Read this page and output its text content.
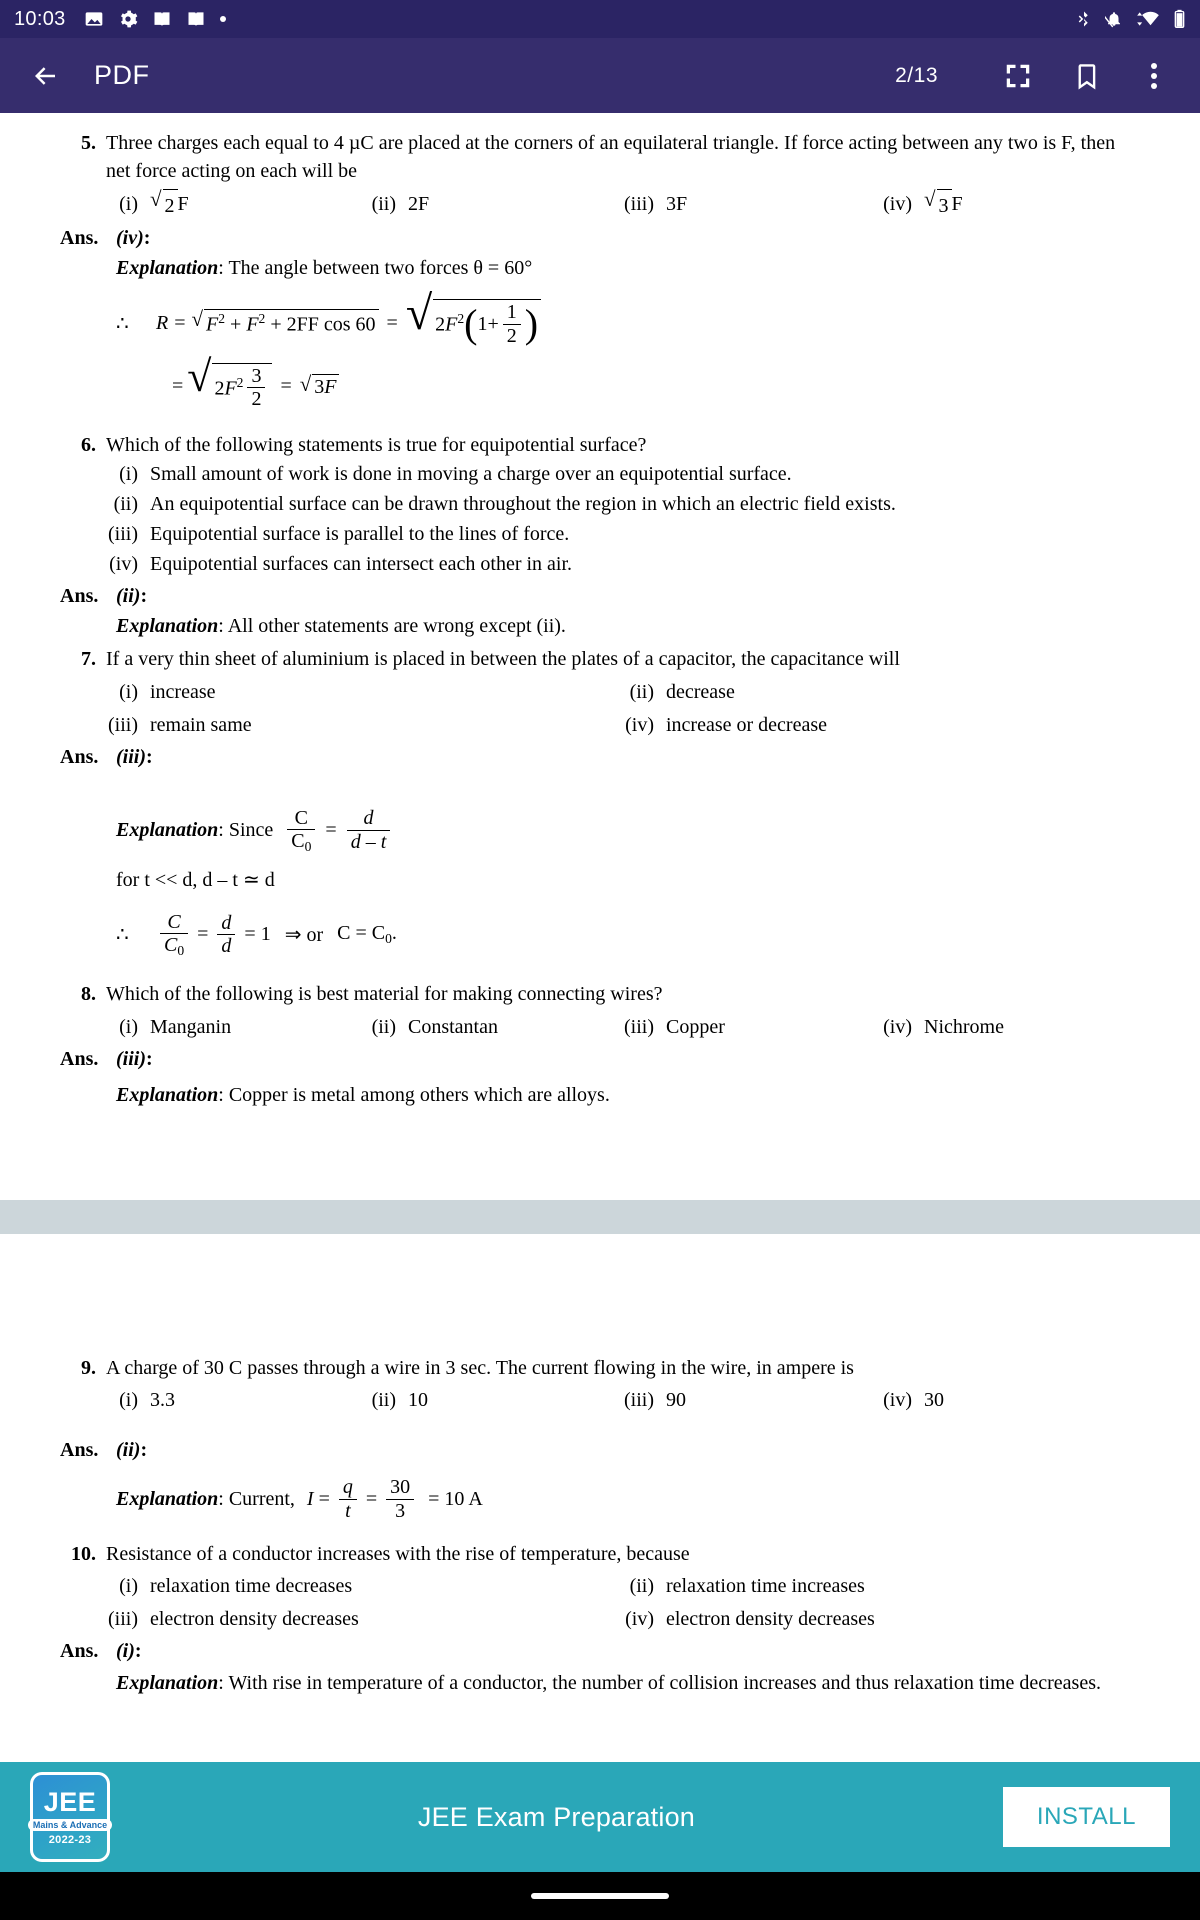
10:03
PDF	2/13
5. Three charges each equal to 4 µC are placed at the corners of an equilateral triangle. If force acting between any two is F, then net force acting on each will be
(i) √ 2 F	(ii) 2F	(iii) 3F	(iv) √ 3 F
Ans. (iv):
Explanation: The angle between two forces θ = 60°
∴	R = √ $F^2 + F^2 + 2FF$ cos 60 = √ $2F^2$ ( $1+ \frac{1}{2}$ )
= √ $2F^2 \frac{3}{2}$ = √ 3F
6. Which of the following statements is true for equipotential surface?
(i) Small amount of work is done in moving a charge over an equipotential surface.
(ii) An equipotential surface can be drawn throughout the region in which an electric field exists.
(iii) Equipotential surface is parallel to the lines of force.
(iv) Equipotential surfaces can intersect each other in air.
Ans. (ii):
Explanation: All other statements are wrong except (ii).
7. If a very thin sheet of aluminium is placed in between the plates of a capacitor, the capacitance will
(i) increase	(ii) decrease
(iii) remain same	(iv) increase or decrease
Ans. (iii):
Explanation : Since $\frac{C}{C_0} = \frac{d}{d - t}$
for t << d, d – t ≃ d
∴	$\frac{C}{C_0} = \frac{d}{d} = 1$ ⇒ or $C = C_0$.
8. Which of the following is best material for making connecting wires?
(i) Manganin	(ii) Constantan	(iii) Copper	(iv) Nichrome
Ans. (iii):
Explanation: Copper is metal among others which are alloys.
9. A charge of 30 C passes through a wire in 3 sec. The current flowing in the wire, in ampere is
(i) 3.3	(ii) 10	(iii) 90	(iv) 30
Ans. (ii):
Explanation : Current, $I = \frac{q}{t} = \frac{30}{3} = 10$ A
10. Resistance of a conductor increases with the rise of temperature, because
(i) relaxation time decreases	(ii) relaxation time increases
(iii) electron density decreases	(iv) electron density decreases
Ans. (i):
Explanation: With rise in temperature of a conductor, the number of collision increases and thus relaxation time decreases.
JEE
Mains & Advance
2022-23
JEE Exam Preparation	INSTALL
